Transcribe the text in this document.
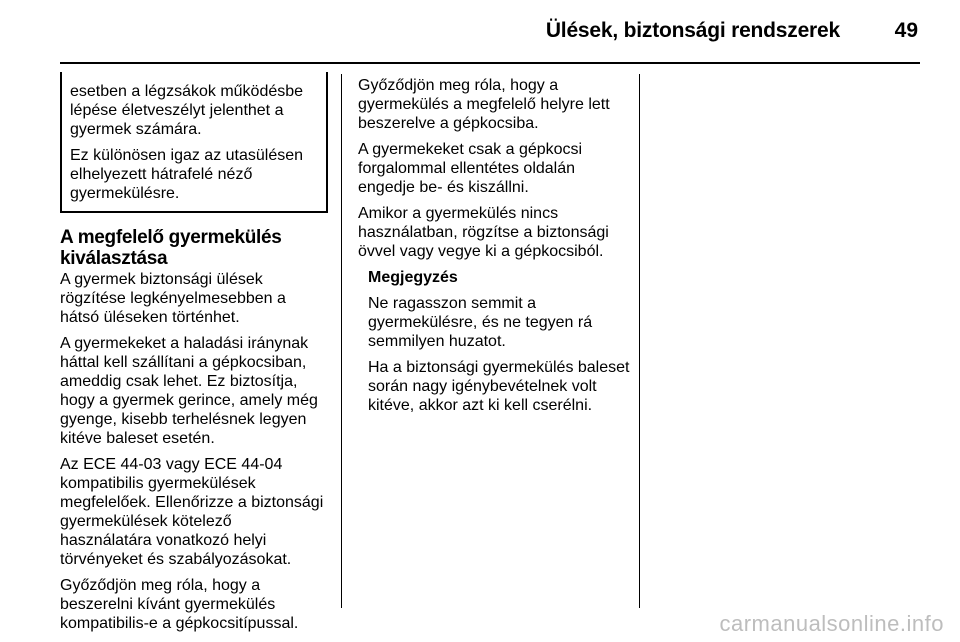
Ülések, biztonsági rendszerek	49

esetben a légzsákok működésbe lépése életveszélyt jelenthet a gyermek számára.

Ez különösen igaz az utasülésen elhelyezett hátrafelé néző gyermekülésre.

A megfelelő gyermekülés kiválasztása

A gyermek biztonsági ülések rögzítése legkényelmesebben a hátsó üléseken történhet.

A gyermekeket a haladási iránynak háttal kell szállítani a gépkocsiban, ameddig csak lehet. Ez biztosítja, hogy a gyermek gerince, amely még gyenge, kisebb terhelésnek legyen kitéve baleset esetén.

Az ECE 44-03 vagy ECE 44-04 kompatibilis gyermekülések megfelelőek. Ellenőrizze a biztonsági gyermekülések kötelező használatára vonatkozó helyi törvényeket és szabályozásokat.

Győződjön meg róla, hogy a beszerelni kívánt gyermekülés kompatibilis-e a gépkocsitípussal.

Győződjön meg róla, hogy a gyermekülés a megfelelő helyre lett beszerelve a gépkocsiba.

A gyermekeket csak a gépkocsi forgalommal ellentétes oldalán engedje be- és kiszállni.

Amikor a gyermekülés nincs használatban, rögzítse a biztonsági övvel vagy vegye ki a gépkocsiból.

Megjegyzés

Ne ragasszon semmit a gyermekülésre, és ne tegyen rá semmilyen huzatot.

Ha a biztonsági gyermekülés baleset során nagy igénybevételnek volt kitéve, akkor azt ki kell cserélni.

carmanualsonline.info
